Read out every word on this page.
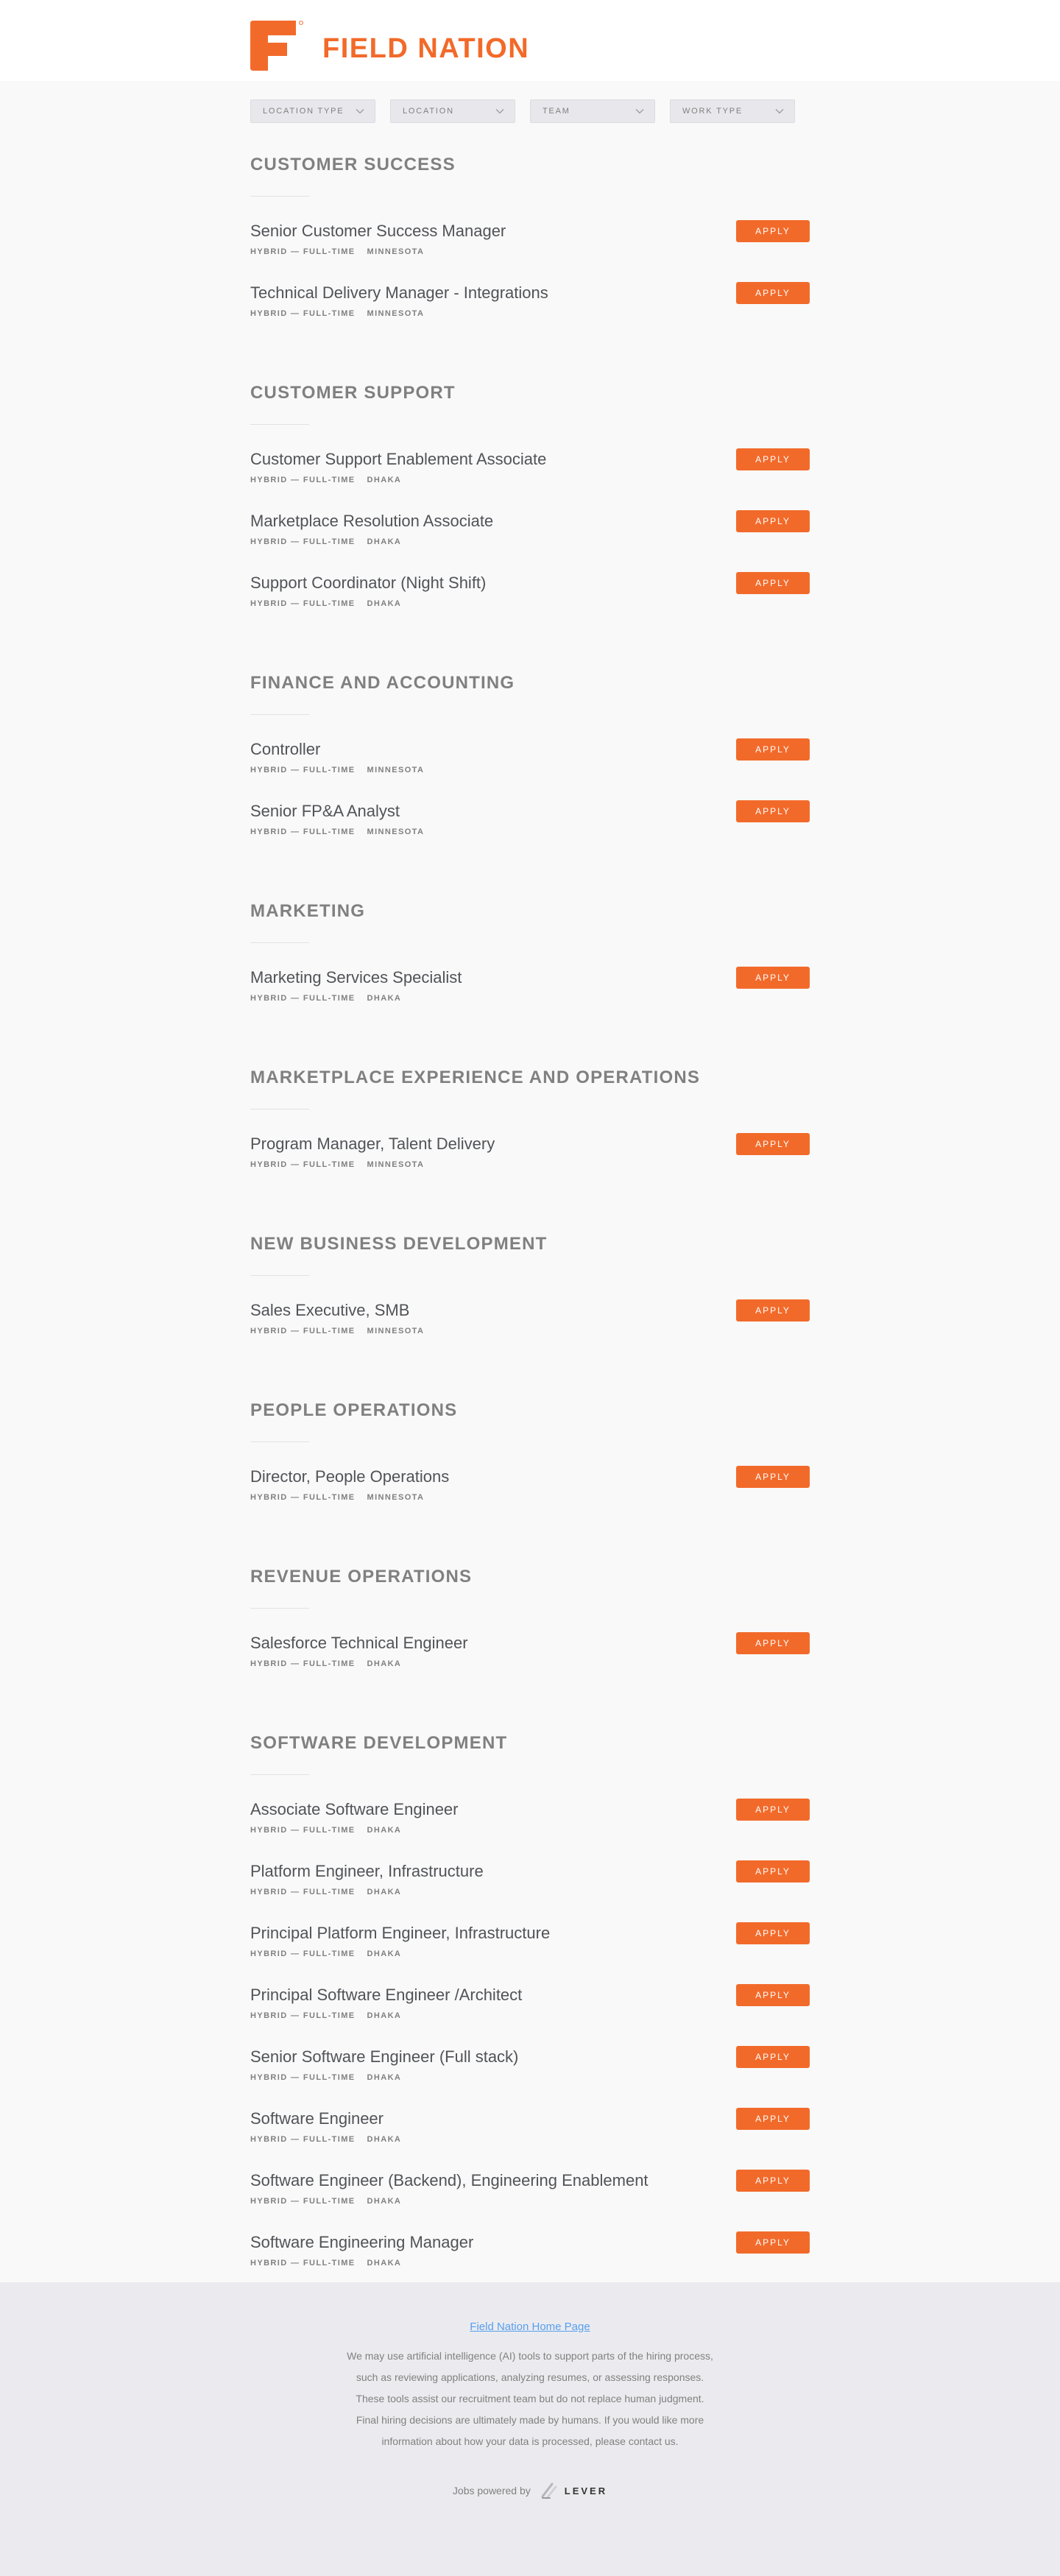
FIELD NATION
LOCATION TYPE	LOCATION	TEAM	WORK TYPE
CUSTOMER SUCCESS
Senior Customer Success Manager
HYBRID — FULL-TIME MINNESOTA
APPLY
Technical Delivery Manager - Integrations
HYBRID — FULL-TIME MINNESOTA
APPLY
CUSTOMER SUPPORT
Customer Support Enablement Associate
HYBRID — FULL-TIME DHAKA
APPLY
Marketplace Resolution Associate
HYBRID — FULL-TIME DHAKA
APPLY
Support Coordinator (Night Shift)
HYBRID — FULL-TIME DHAKA
APPLY
FINANCE AND ACCOUNTING
Controller
HYBRID — FULL-TIME MINNESOTA
APPLY
Senior FP&A Analyst
HYBRID — FULL-TIME MINNESOTA
APPLY
MARKETING
Marketing Services Specialist
HYBRID — FULL-TIME DHAKA
APPLY
MARKETPLACE EXPERIENCE AND OPERATIONS
Program Manager, Talent Delivery
HYBRID — FULL-TIME MINNESOTA
APPLY
NEW BUSINESS DEVELOPMENT
Sales Executive, SMB
HYBRID — FULL-TIME MINNESOTA
APPLY
PEOPLE OPERATIONS
Director, People Operations
HYBRID — FULL-TIME MINNESOTA
APPLY
REVENUE OPERATIONS
Salesforce Technical Engineer
HYBRID — FULL-TIME DHAKA
APPLY
SOFTWARE DEVELOPMENT
Associate Software Engineer
HYBRID — FULL-TIME DHAKA
APPLY
Platform Engineer, Infrastructure
HYBRID — FULL-TIME DHAKA
APPLY
Principal Platform Engineer, Infrastructure
HYBRID — FULL-TIME DHAKA
APPLY
Principal Software Engineer /Architect
HYBRID — FULL-TIME DHAKA
APPLY
Senior Software Engineer (Full stack)
HYBRID — FULL-TIME DHAKA
APPLY
Software Engineer
HYBRID — FULL-TIME DHAKA
APPLY
Software Engineer (Backend), Engineering Enablement
HYBRID — FULL-TIME DHAKA
APPLY
Software Engineering Manager
HYBRID — FULL-TIME DHAKA
APPLY
Field Nation Home Page

We may use artificial intelligence (AI) tools to support parts of the hiring process, such as reviewing applications, analyzing resumes, or assessing responses. These tools assist our recruitment team but do not replace human judgment. Final hiring decisions are ultimately made by humans. If you would like more information about how your data is processed, please contact us.

Jobs powered by	LEVER
